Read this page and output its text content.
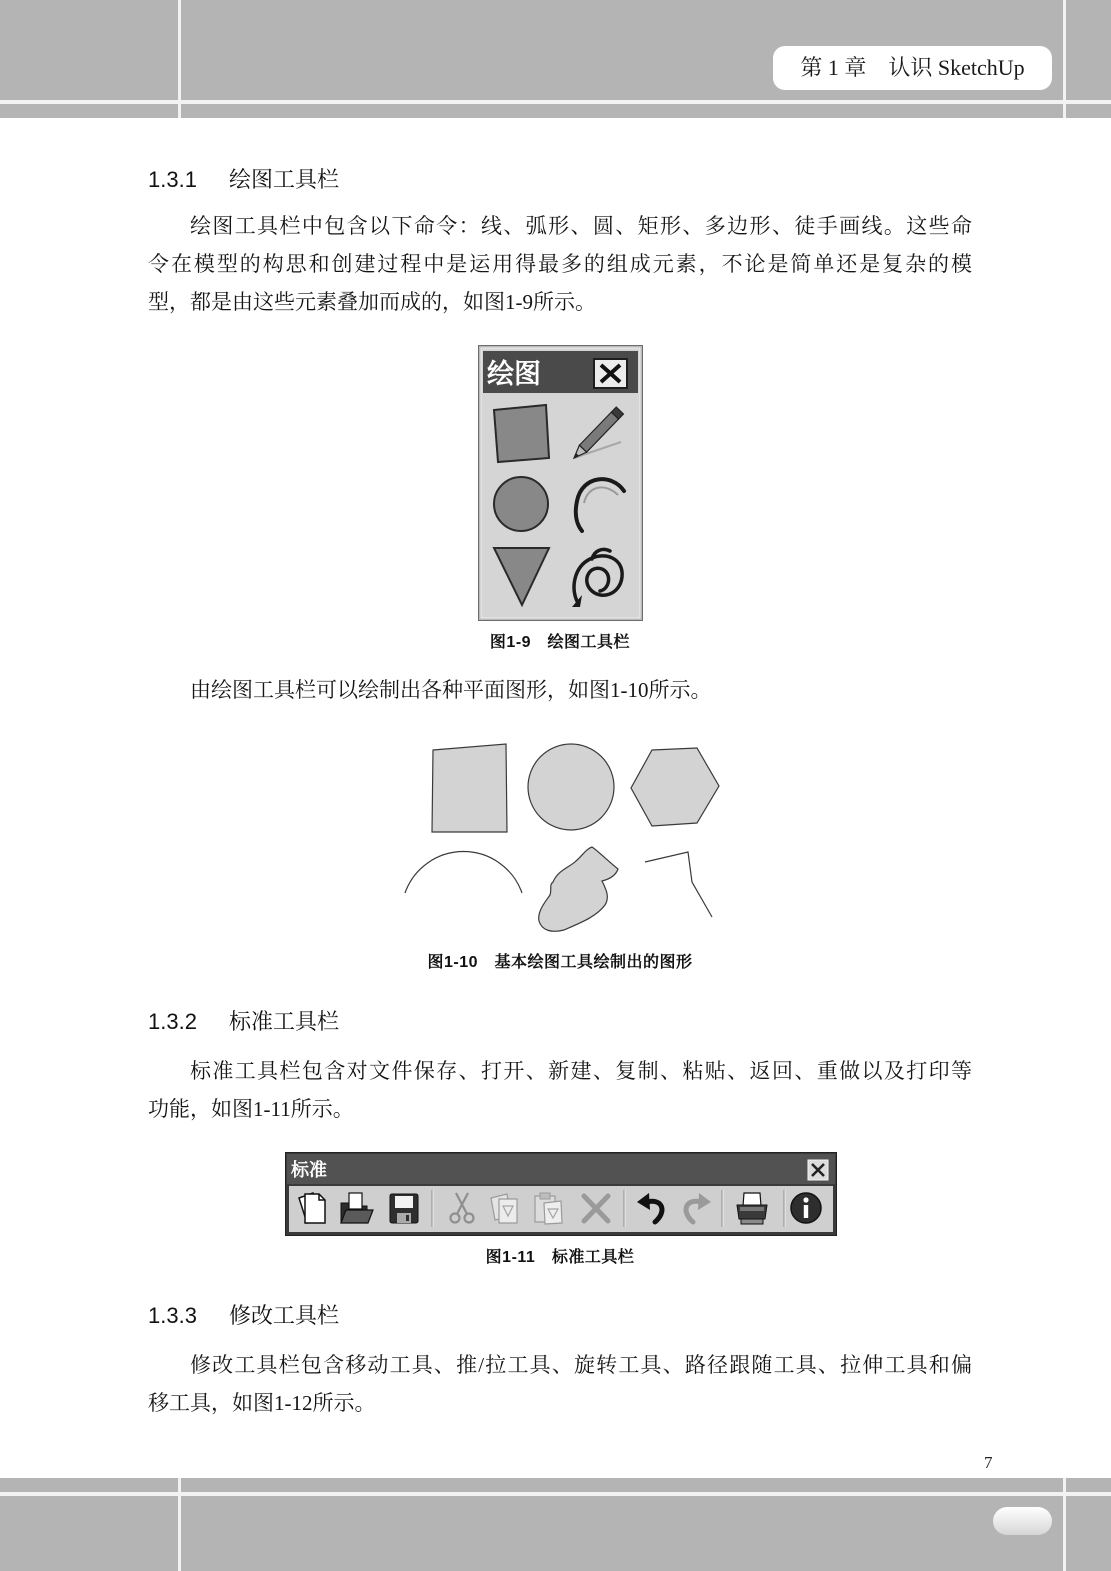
第 1 章　认识 SketchUp
1.3.1 绘图工具栏
绘图工具栏中包含以下命令：线、弧形、圆、矩形、多边形、徒手画线。这些命
令在模型的构思和创建过程中是运用得最多的组成元素，不论是简单还是复杂的模
型，都是由这些元素叠加而成的，如图1-9所示。
绘图
图1-9　绘图工具栏
由绘图工具栏可以绘制出各种平面图形，如图1-10所示。
图1-10　基本绘图工具绘制出的图形
1.3.2 标准工具栏
标准工具栏包含对文件保存、打开、新建、复制、粘贴、返回、重做以及打印等
功能，如图1-11所示。
标准
图1-11　标准工具栏
1.3.3 修改工具栏
修改工具栏包含移动工具、推/拉工具、旋转工具、路径跟随工具、拉伸工具和偏
移工具，如图1-12所示。
7
